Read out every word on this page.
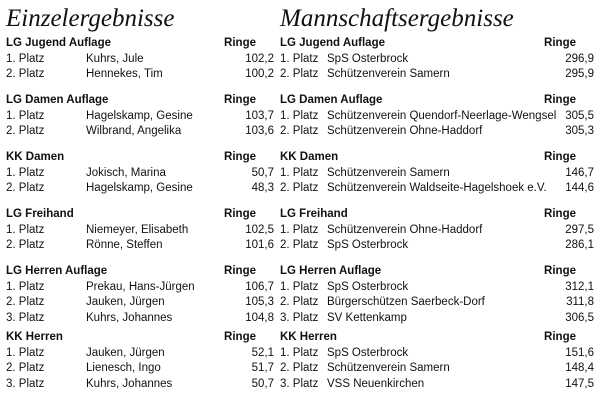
Einzelergebnisse
LG Jugend Auflage	Ringe
1. Platz	Kuhrs, Jule	102,2
2. Platz	Hennekes, Tim	100,2
LG Damen Auflage	Ringe
1. Platz	Hagelskamp, Gesine	103,7
2. Platz	Wilbrand, Angelika	103,6
KK Damen	Ringe
1. Platz	Jokisch, Marina	50,7
2. Platz	Hagelskamp, Gesine	48,3
LG Freihand	Ringe
1. Platz	Niemeyer, Elisabeth	102,5
2. Platz	Rönne, Steffen	101,6
LG Herren Auflage	Ringe
1. Platz	Prekau, Hans-Jürgen	106,7
2. Platz	Jauken, Jürgen	105,3
3. Platz	Kuhrs, Johannes	104,8
KK Herren	Ringe
1. Platz	Jauken, Jürgen	52,1
2. Platz	Lienesch, Ingo	51,7
3. Platz	Kuhrs, Johannes	50,7
Mannschaftsergebnisse
LG Jugend Auflage	Ringe
1. Platz SpS Osterbrock	296,9
2. Platz Schützenverein Samern	295,9
LG Damen Auflage	Ringe
1. Platz Schützenverein Quendorf-Neerlage-Wengsel 305,5
2. Platz Schützenverein Ohne-Haddorf	305,3
KK Damen	Ringe
1. Platz Schützenverein Samern	146,7
2. Platz Schützenverein Waldseite-Hagelshoek e.V. 144,6
LG Freihand	Ringe
1. Platz Schützenverein Ohne-Haddorf	297,5
2. Platz SpS Osterbrock	286,1
LG Herren Auflage	Ringe
1. Platz SpS Osterbrock	312,1
2. Platz Bürgerschützen Saerbeck-Dorf	311,8
3. Platz SV Kettenkamp	306,5
KK Herren	Ringe
1. Platz SpS Osterbrock	151,6
2. Platz Schützenverein Samern	148,4
3. Platz VSS Neuenkirchen	147,5
